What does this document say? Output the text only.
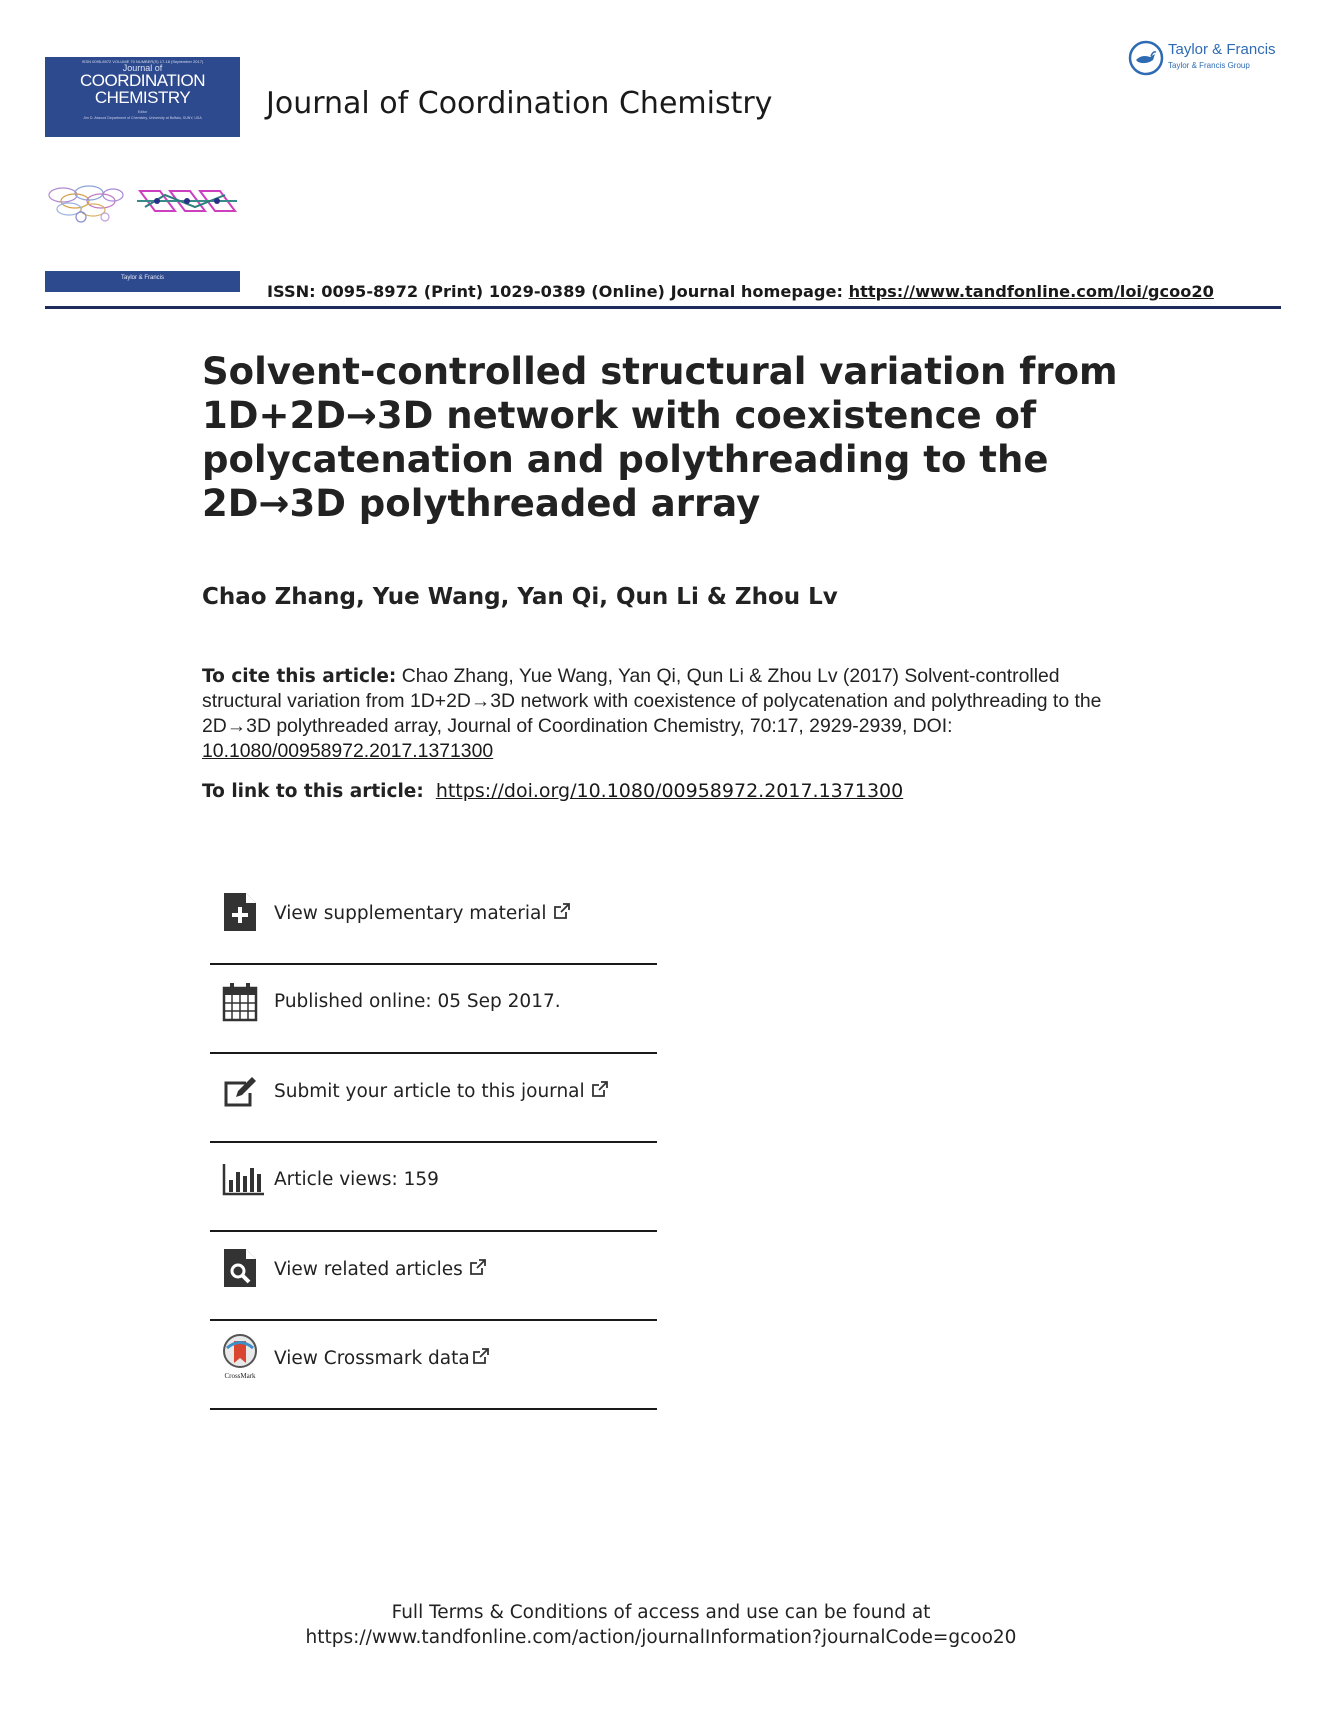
ISSN 0095-8972 VOLUME 70 NUMBER(S) 17-18 (September 2017)
Journal of
COORDINATION
CHEMISTRY
Editor
Jim D. Atwood Department of Chemistry, University at Buffalo, SUNY, USA
Taylor & Francis
Journal of Coordination Chemistry
Taylor & Francis
Taylor & Francis Group
ISSN: 0095-8972 (Print) 1029-0389 (Online) Journal homepage: https://www.tandfonline.com/loi/gcoo20
Solvent-controlled structural variation from 1D+2D→3D network with coexistence of polycatenation and polythreading to the 2D→3D polythreaded array
Chao Zhang, Yue Wang, Yan Qi, Qun Li & Zhou Lv
To cite this article: Chao Zhang, Yue Wang, Yan Qi, Qun Li & Zhou Lv (2017) Solvent-controlled structural variation from 1D+2D→3D network with coexistence of polycatenation and polythreading to the 2D→3D polythreaded array, Journal of Coordination Chemistry, 70:17, 2929-2939, DOI: 10.1080/00958972.2017.1371300
To link to this article: https://doi.org/10.1080/00958972.2017.1371300
View supplementary material
Published online: 05 Sep 2017.
Submit your article to this journal
Article views: 159
View related articles
CrossMark
View Crossmark data
Full Terms & Conditions of access and use can be found at
https://www.tandfonline.com/action/journalInformation?journalCode=gcoo20
